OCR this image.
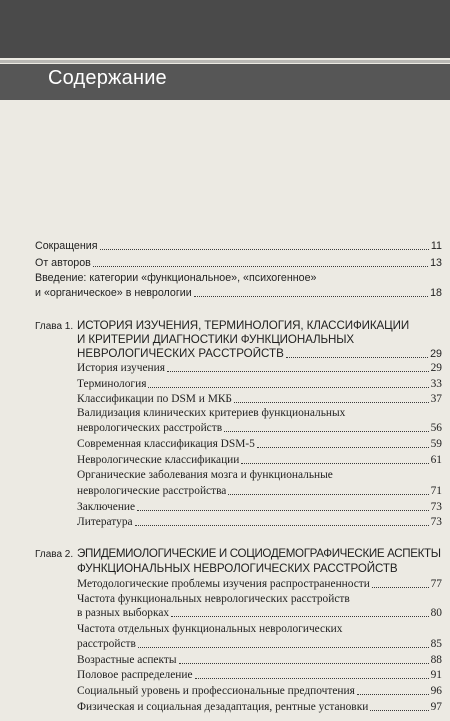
Содержание
Сокращения	11
От авторов	13
Введение: категории «функциональное», «психогенное»
и «органическое» в неврологии	18
Глава 1. ИСТОРИЯ ИЗУЧЕНИЯ, ТЕРМИНОЛОГИЯ, КЛАССИФИКАЦИИ
И КРИТЕРИИ ДИАГНОСТИКИ ФУНКЦИОНАЛЬНЫХ
НЕВРОЛОГИЧЕСКИХ РАССТРОЙСТВ	29
История изучения	29
Терминология	33
Классификации по DSM и МКБ	37
Валидизация клинических критериев функциональных
неврологических расстройств	56
Современная классификация DSM-5	59
Неврологические классификации	61
Органические заболевания мозга и функциональные
неврологические расстройства	71
Заключение	73
Литература	73
Глава 2. ЭПИДЕМИОЛОГИЧЕСКИЕ И СОЦИОДЕМОГРАФИЧЕСКИЕ АСПЕКТЫ
ФУНКЦИОНАЛЬНЫХ НЕВРОЛОГИЧЕСКИХ РАССТРОЙСТВ
Методологические проблемы изучения распространенности	77
Частота функциональных неврологических расстройств
в разных выборках	80
Частота отдельных функциональных неврологических
расстройств	85
Возрастные аспекты	88
Половое распределение	91
Социальный уровень и профессиональные предпочтения	96
Физическая и социальная дезадаптация, рентные установки	97
